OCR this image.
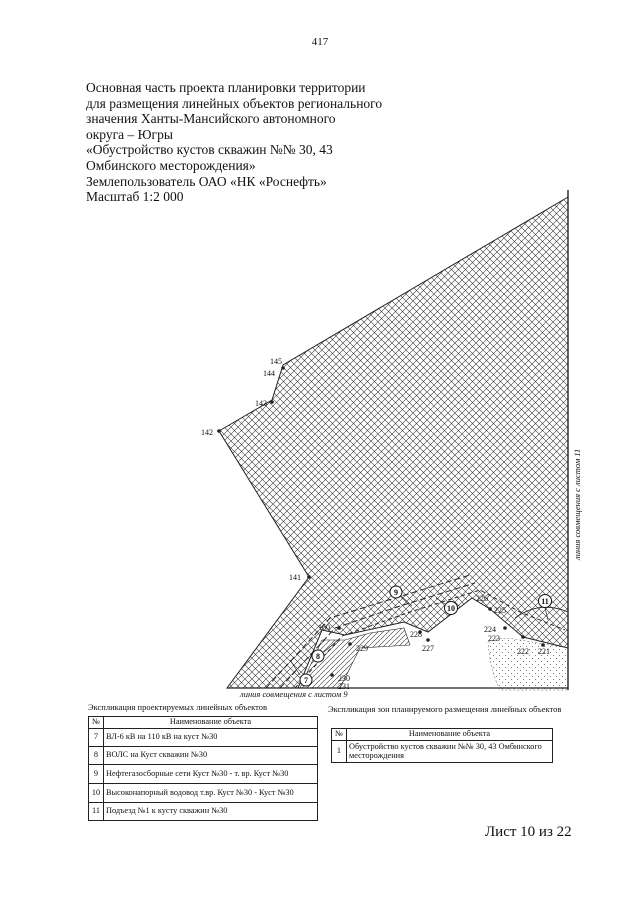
417
Основная часть проекта планировки территории
для размещения линейных объектов регионального
значения Ханты-Мансийского автономного
округа – Югры
«Обустройство кустов скважин №№ 30, 43
Омбинского месторождения»
Землепользователь ОАО «НК «Роснефть»
Масштаб 1:2 000
145
144
143
142
141
160
230
231
229
228
227
226
225
224
223
222 221
7
8
9
10
11
линия совмещения с листом 9
линия совмещения с листом 11
Экспликация проектируемых линейных объектов
№	Наименование объекта
7	ВЛ-6 кВ на 110 кВ на куст №30
8	ВОЛС на Куст скважин №30
9	Нефтегазосборные сети Куст №30 - т. вр. Куст №30
10	Высоконапорный водовод т.вр. Куст №30 - Куст №30
11	Подъезд №1 к кусту скважин №30
Экспликация зон планируемого размещения линейных объектов
№	Наименование объекта
1	Обустройство кустов скважин №№ 30, 43 Омбинского месторождения
Лист 10 из 22
